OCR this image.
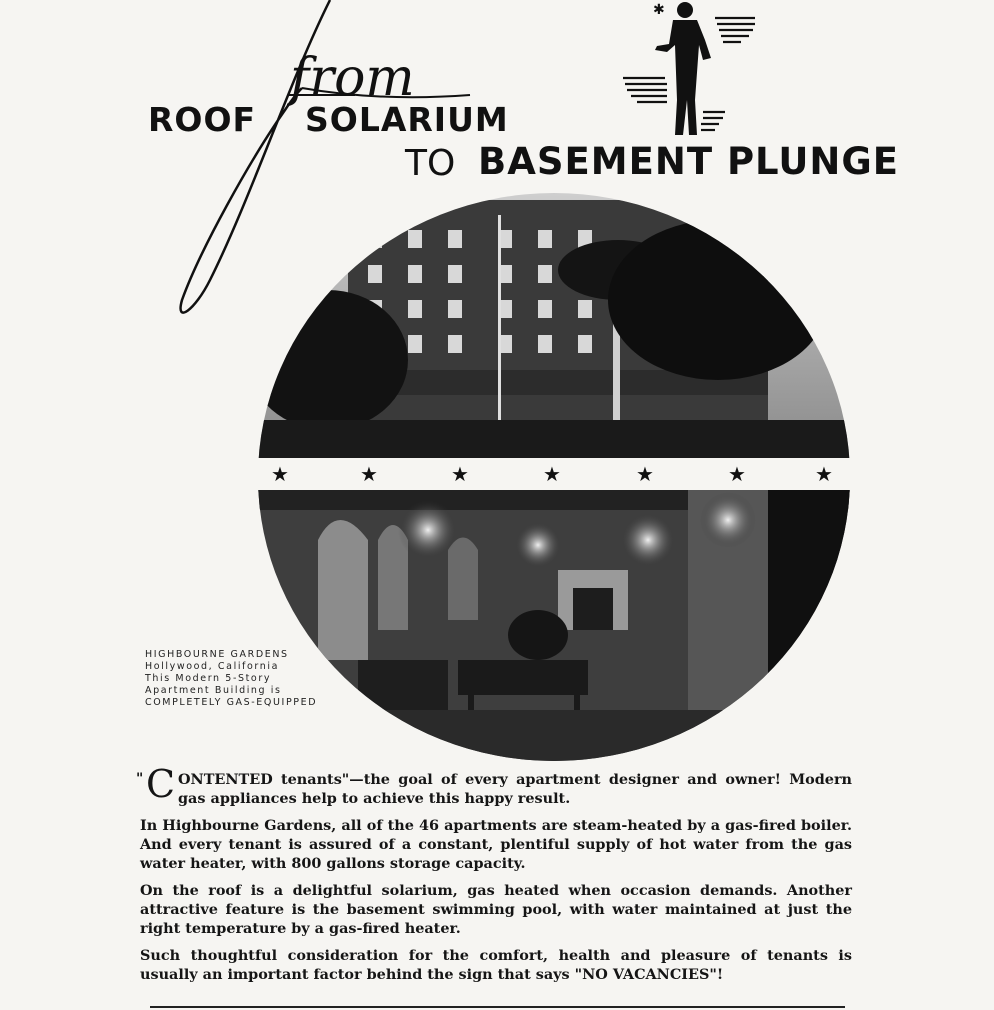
from
ROOF SOLARIUM
TO BASEMENT PLUNGE
✱
★	★	★	★	★	★	★
HIGHBOURNE GARDENS
Hollywood, California
This Modern 5-Story
Apartment Building is
COMPLETELY GAS-EQUIPPED

" C ONTENTED tenants"—the goal of every apartment designer and owner! Modern gas appliances help to achieve this happy result.

In Highbourne Gardens, all of the 46 apartments are steam-heated by a gas-fired boiler. And every tenant is assured of a constant, plentiful supply of hot water from the gas water heater, with 800 gallons storage capacity.

On the roof is a delightful solarium, gas heated when occasion demands. Another attractive feature is the basement swimming pool, with water maintained at just the right temperature by a gas-fired heater.

Such thoughtful consideration for the comfort, health and pleasure of tenants is usually an important factor behind the sign that says "NO VACANCIES"!
